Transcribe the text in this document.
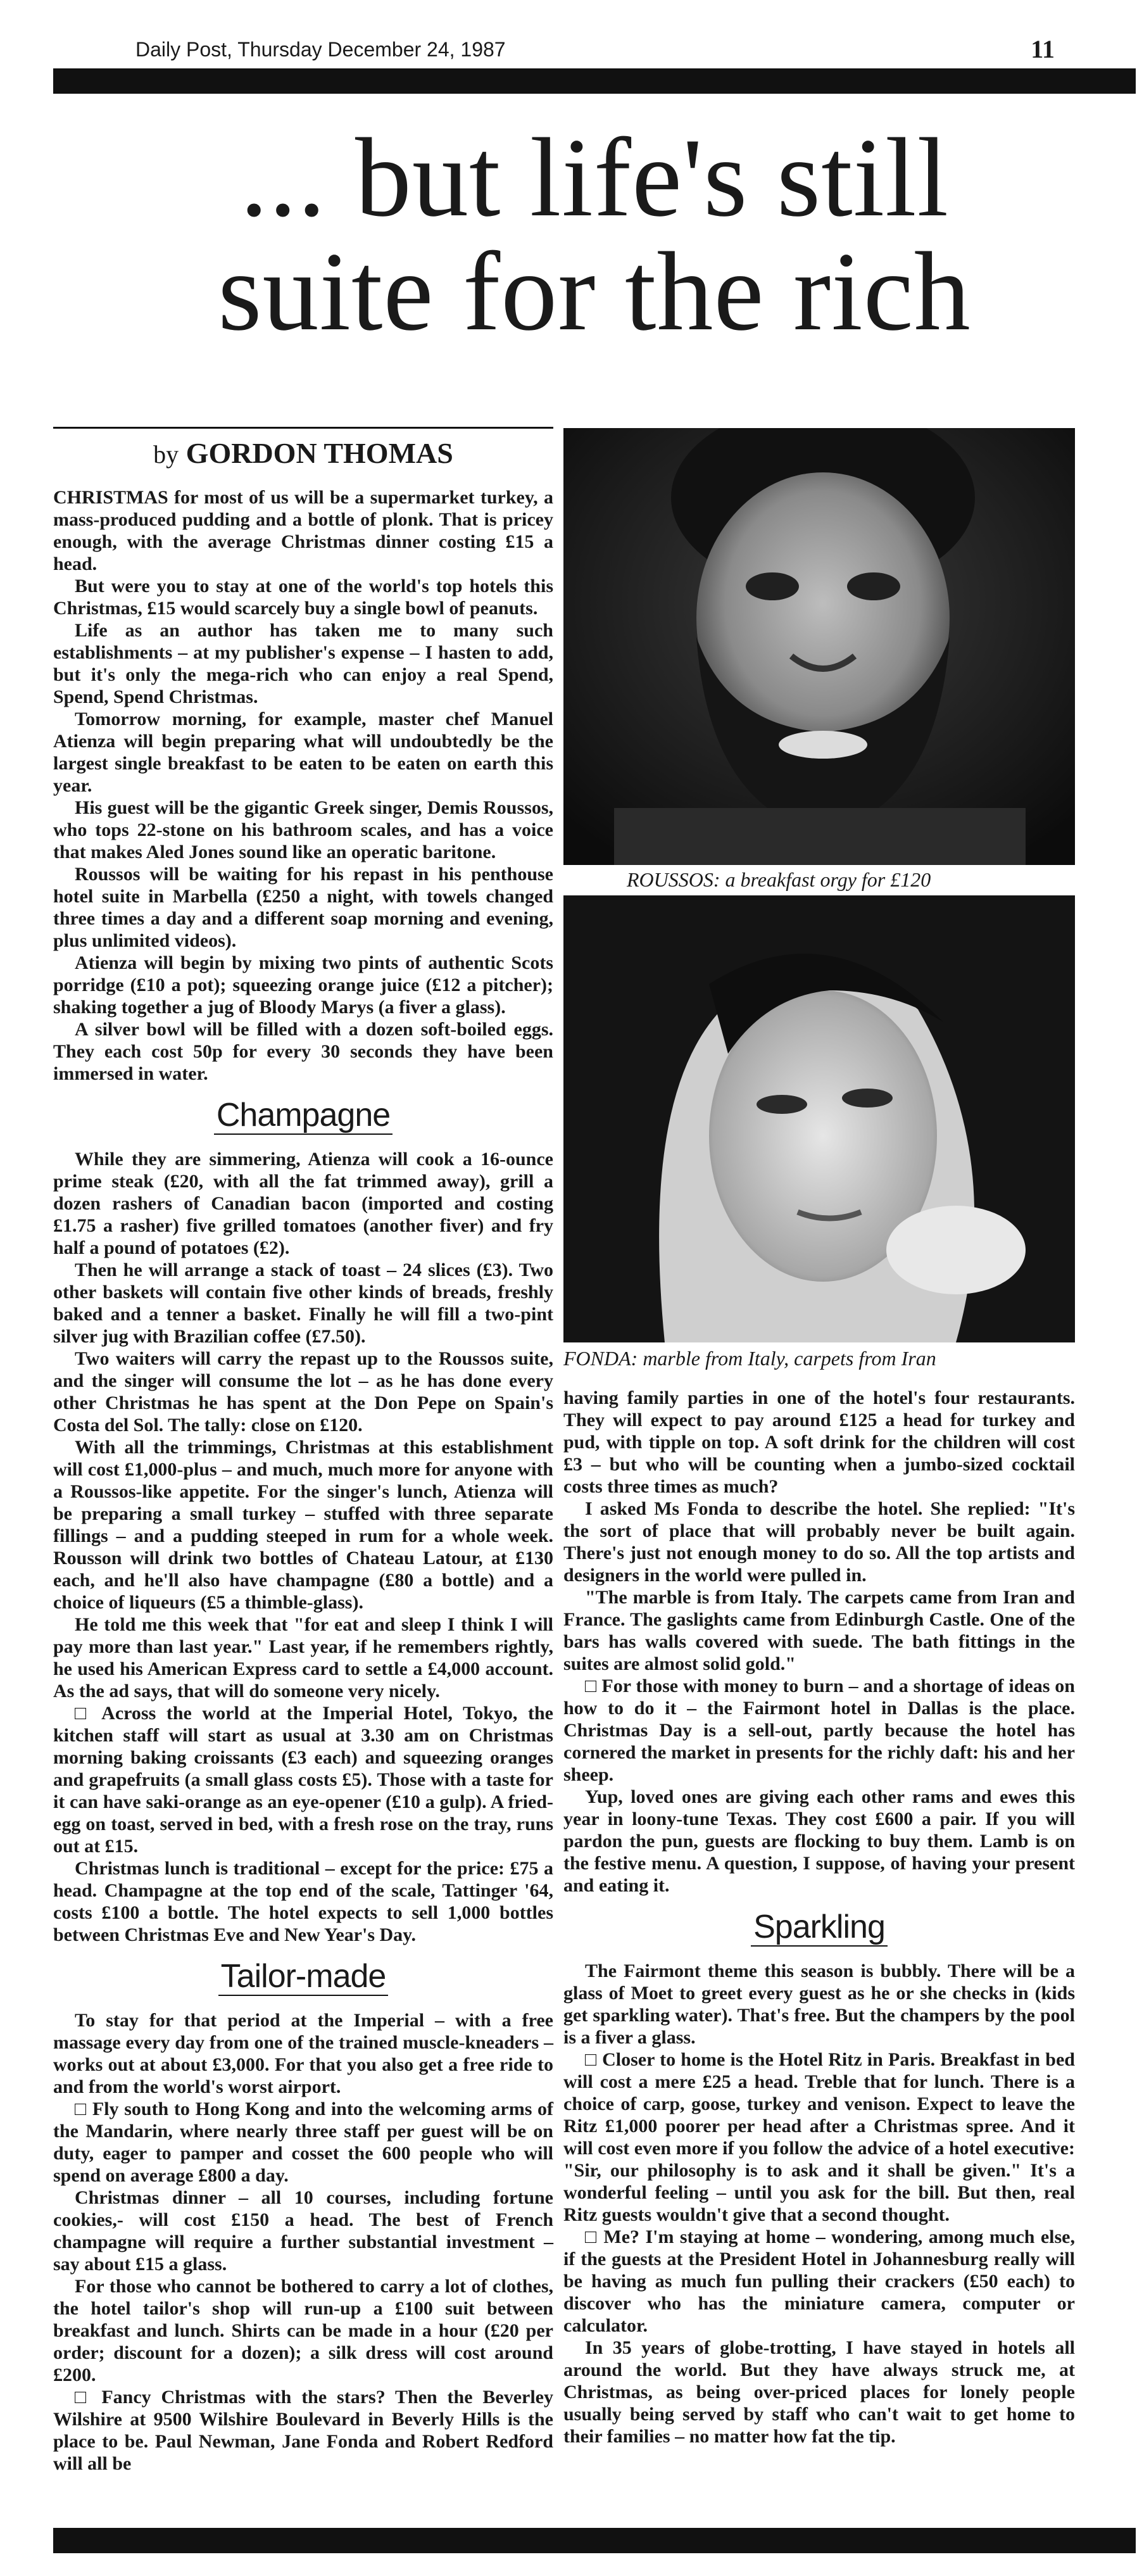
Daily Post, Thursday December 24, 1987	11
... but life's still
suite for the rich
by GORDON THOMAS

CHRISTMAS for most of us will be a supermarket turkey, a mass-produced pudding and a bottle of plonk. That is pricey enough, with the average Christmas dinner costing £15 a head.

But were you to stay at one of the world's top hotels this Christmas, £15 would scarcely buy a single bowl of peanuts.

Life as an author has taken me to many such establishments – at my publisher's expense – I hasten to add, but it's only the mega-rich who can enjoy a real Spend, Spend, Spend Christmas.

Tomorrow morning, for example, master chef Manuel Atienza will begin preparing what will undoubtedly be the largest single breakfast to be eaten to be eaten on earth this year.

His guest will be the gigantic Greek singer, Demis Roussos, who tops 22-stone on his bathroom scales, and has a voice that makes Aled Jones sound like an operatic baritone.

Roussos will be waiting for his repast in his penthouse hotel suite in Marbella (£250 a night, with towels changed three times a day and a different soap morning and evening, plus unlimited videos).

Atienza will begin by mixing two pints of authentic Scots porridge (£10 a pot); squeezing orange juice (£12 a pitcher); shaking together a jug of Bloody Marys (a fiver a glass).

A silver bowl will be filled with a dozen soft-boiled eggs. They each cost 50p for every 30 seconds they have been immersed in water.

Champagne

While they are simmering, Atienza will cook a 16-ounce prime steak (£20, with all the fat trimmed away), grill a dozen rashers of Canadian bacon (imported and costing £1.75 a rasher) five grilled tomatoes (another fiver) and fry half a pound of potatoes (£2).

Then he will arrange a stack of toast – 24 slices (£3). Two other baskets will contain five other kinds of breads, freshly baked and a tenner a basket. Finally he will fill a two-pint silver jug with Brazilian coffee (£7.50).

Two waiters will carry the repast up to the Roussos suite, and the singer will consume the lot – as he has done every other Christmas he has spent at the Don Pepe on Spain's Costa del Sol. The tally: close on £120.

With all the trimmings, Christmas at this establishment will cost £1,000-plus – and much, much more for anyone with a Roussos-like appetite. For the singer's lunch, Atienza will be preparing a small turkey – stuffed with three separate fillings – and a pudding steeped in rum for a whole week. Rousson will drink two bottles of Chateau Latour, at £130 each, and he'll also have champagne (£80 a bottle) and a choice of liqueurs (£5 a thimble-glass).

He told me this week that "for eat and sleep I think I will pay more than last year." Last year, if he remembers rightly, he used his American Express card to settle a £4,000 account. As the ad says, that will do someone very nicely.

□ Across the world at the Imperial Hotel, Tokyo, the kitchen staff will start as usual at 3.30 am on Christmas morning baking croissants (£3 each) and squeezing oranges and grapefruits (a small glass costs £5). Those with a taste for it can have saki-orange as an eye-opener (£10 a gulp). A fried-egg on toast, served in bed, with a fresh rose on the tray, runs out at £15.

Christmas lunch is traditional – except for the price: £75 a head. Champagne at the top end of the scale, Tattinger '64, costs £100 a bottle. The hotel expects to sell 1,000 bottles between Christmas Eve and New Year's Day.

Tailor-made

To stay for that period at the Imperial – with a free massage every day from one of the trained muscle-kneaders – works out at about £3,000. For that you also get a free ride to and from the world's worst airport.

□ Fly south to Hong Kong and into the welcoming arms of the Mandarin, where nearly three staff per guest will be on duty, eager to pamper and cosset the 600 people who will spend on average £800 a day.

Christmas dinner – all 10 courses, including fortune cookies,- will cost £150 a head. The best of French champagne will require a further substantial investment – say about £15 a glass.

For those who cannot be bothered to carry a lot of clothes, the hotel tailor's shop will run-up a £100 suit between breakfast and lunch. Shirts can be made in a hour (£20 per order; discount for a dozen); a silk dress will cost around £200.

□ Fancy Christmas with the stars? Then the Beverley Wilshire at 9500 Wilshire Boulevard in Beverly Hills is the place to be. Paul Newman, Jane Fonda and Robert Redford will all be

ROUSSOS: a breakfast orgy for £120
FONDA: marble from Italy, carpets from Iran

having family parties in one of the hotel's four restaurants. They will expect to pay around £125 a head for turkey and pud, with tipple on top. A soft drink for the children will cost £3 – but who will be counting when a jumbo-sized cocktail costs three times as much?

I asked Ms Fonda to describe the hotel. She replied: "It's the sort of place that will probably never be built again. There's just not enough money to do so. All the top artists and designers in the world were pulled in.

"The marble is from Italy. The carpets came from Iran and France. The gaslights came from Edinburgh Castle. One of the bars has walls covered with suede. The bath fittings in the suites are almost solid gold."

□ For those with money to burn – and a shortage of ideas on how to do it – the Fairmont hotel in Dallas is the place. Christmas Day is a sell-out, partly because the hotel has cornered the market in presents for the richly daft: his and her sheep.

Yup, loved ones are giving each other rams and ewes this year in loony-tune Texas. They cost £600 a pair. If you will pardon the pun, guests are flocking to buy them. Lamb is on the festive menu. A question, I suppose, of having your present and eating it.

Sparkling

The Fairmont theme this season is bubbly. There will be a glass of Moet to greet every guest as he or she checks in (kids get sparkling water). That's free. But the champers by the pool is a fiver a glass.

□ Closer to home is the Hotel Ritz in Paris. Breakfast in bed will cost a mere £25 a head. Treble that for lunch. There is a choice of carp, goose, turkey and venison. Expect to leave the Ritz £1,000 poorer per head after a Christmas spree. And it will cost even more if you follow the advice of a hotel executive: "Sir, our philosophy is to ask and it shall be given." It's a wonderful feeling – until you ask for the bill. But then, real Ritz guests wouldn't give that a second thought.

□ Me? I'm staying at home – wondering, among much else, if the guests at the President Hotel in Johannesburg really will be having as much fun pulling their crackers (£50 each) to discover who has the miniature camera, computer or calculator.

In 35 years of globe-trotting, I have stayed in hotels all around the world. But they have always struck me, at Christmas, as being over-priced places for lonely people usually being served by staff who can't wait to get home to their families – no matter how fat the tip.
